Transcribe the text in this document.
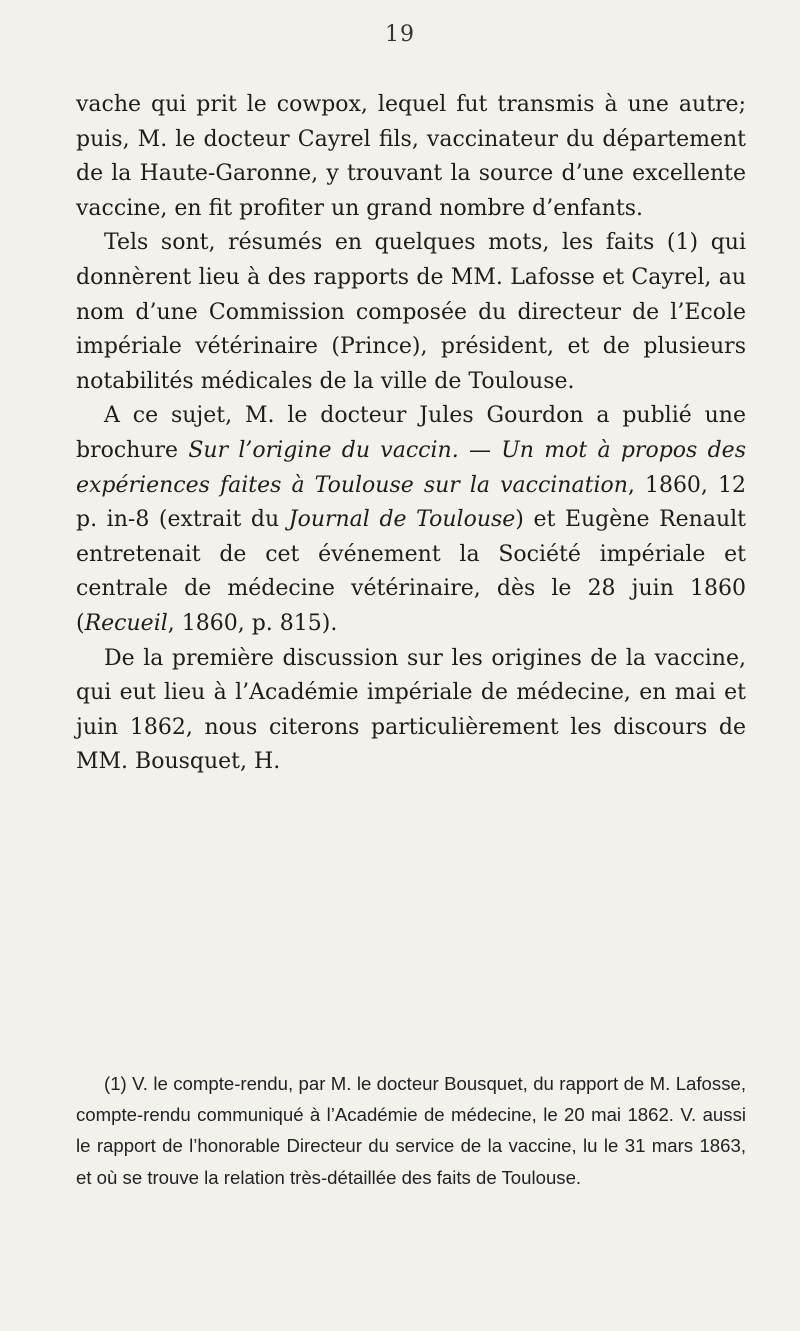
19

vache qui prit le cowpox, lequel fut transmis à une autre; puis, M. le docteur Cayrel fils, vaccinateur du département de la Haute-Garonne, y trouvant la source d’une excellente vaccine, en fit profiter un grand nombre d’enfants.

Tels sont, résumés en quelques mots, les faits (1) qui donnèrent lieu à des rapports de MM. Lafosse et Cayrel, au nom d’une Commission composée du directeur de l’Ecole impériale vétérinaire (Prince), président, et de plusieurs notabilités médicales de la ville de Toulouse.

A ce sujet, M. le docteur Jules Gourdon a publié une brochure Sur l’origine du vaccin. — Un mot à propos des expériences faites à Toulouse sur la vaccination, 1860, 12 p. in-8 (extrait du Journal de Toulouse) et Eugène Renault entretenait de cet événement la Société impériale et centrale de médecine vétérinaire, dès le 28 juin 1860 (Recueil, 1860, p. 815).

De la première discussion sur les origines de la vaccine, qui eut lieu à l’Académie impériale de médecine, en mai et juin 1862, nous citerons particulièrement les discours de MM. Bousquet, H.

(1) V. le compte-rendu, par M. le docteur Bousquet, du rapport de M. Lafosse, compte-rendu communiqué à l’Académie de médecine, le 20 mai 1862. V. aussi le rapport de l’honorable Directeur du service de la vaccine, lu le 31 mars 1863, et où se trouve la relation très-détaillée des faits de Toulouse.
